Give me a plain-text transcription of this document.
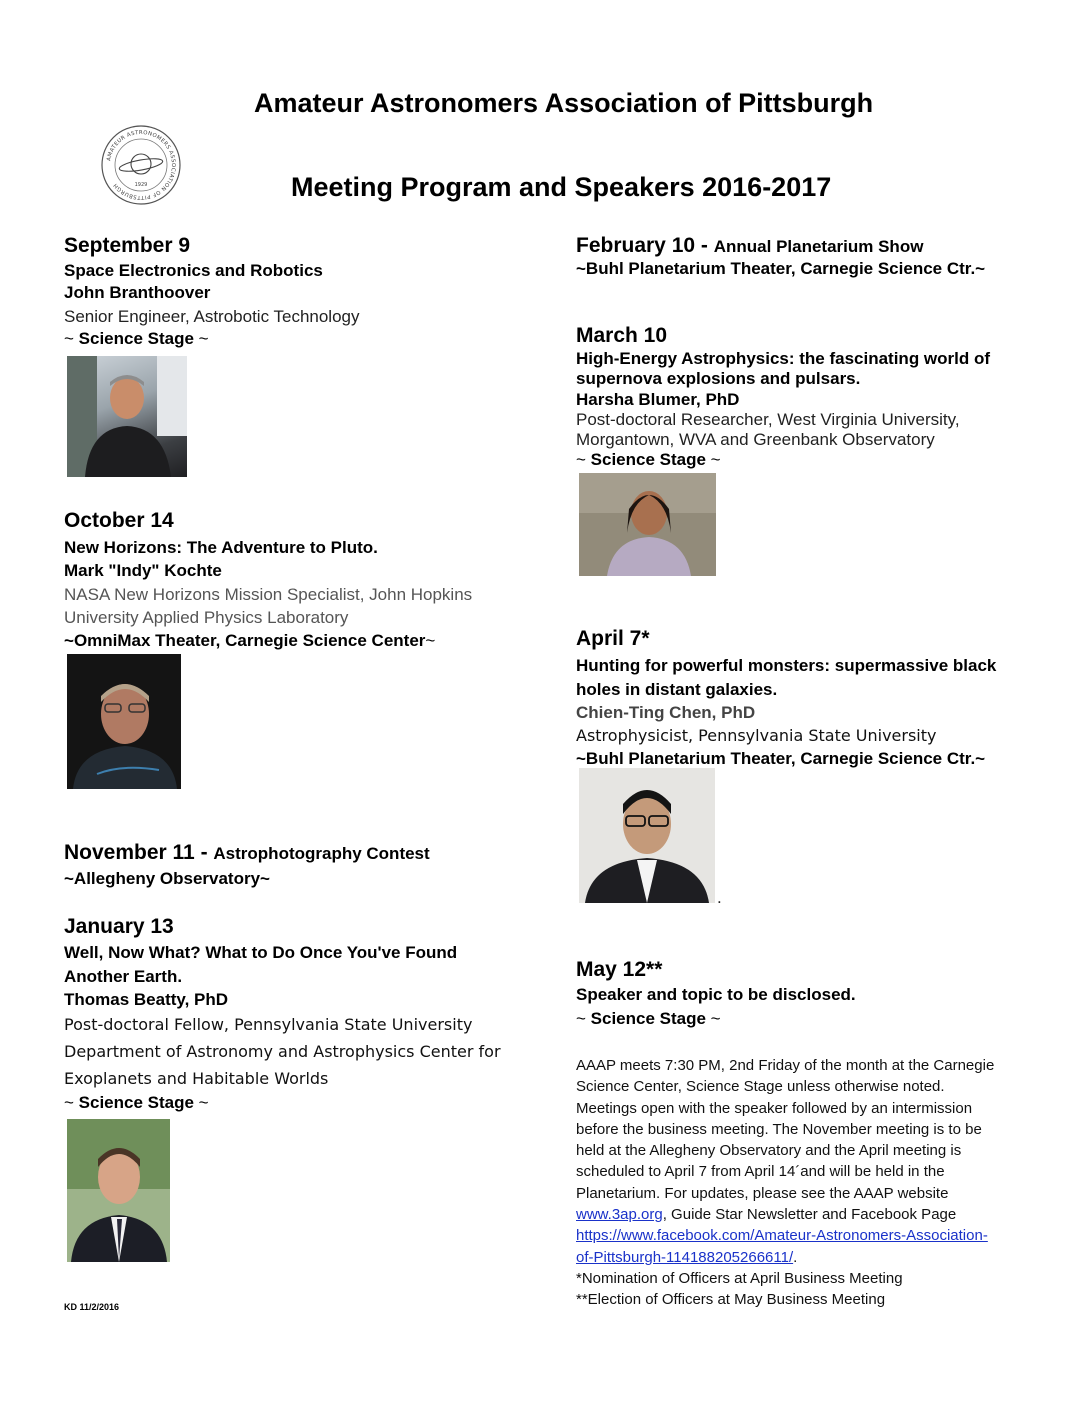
Amateur Astronomers Association of Pittsburgh
Meeting Program and Speakers 2016-2017
AMATEUR ASTRONOMERS ASSOCIATION OF PITTSBURGH	1929
September 9
Space Electronics and Robotics
John Branthoover
Senior Engineer, Astrobotic Technology
~ Science Stage ~
October 14
New Horizons: The Adventure to Pluto.
Mark "Indy" Kochte
NASA New Horizons Mission Specialist, John Hopkins
University Applied Physics Laboratory
~OmniMax Theater, Carnegie Science Center~
November 11 - Astrophotography Contest
~Allegheny Observatory~
January 13
Well, Now What? What to Do Once You've Found
Another Earth.
Thomas Beatty, PhD
Post-doctoral Fellow, Pennsylvania State University
Department of Astronomy and Astrophysics Center for
Exoplanets and Habitable Worlds
~ Science Stage ~
KD 11/2/2016
February 10 - Annual Planetarium Show
~Buhl Planetarium Theater, Carnegie Science Ctr.~
March 10
High-Energy Astrophysics: the fascinating world of
supernova explosions and pulsars.
Harsha Blumer, PhD
Post-doctoral Researcher, West Virginia University,
Morgantown, WVA and Greenbank Observatory
~ Science Stage ~
April 7*
Hunting for powerful monsters: supermassive black
holes in distant galaxies.
Chien-Ting Chen, PhD
Astrophysicist, Pennsylvania State University
~Buhl Planetarium Theater, Carnegie Science Ctr.~
.
May 12**
Speaker and topic to be disclosed.
~ Science Stage ~
AAAP meets 7:30 PM, 2nd Friday of the month at the Carnegie
Science Center, Science Stage unless otherwise noted.
Meetings open with the speaker followed by an intermission
before the business meeting. The November meeting is to be
held at the Allegheny Observatory and the April meeting is
scheduled to April 7 from April 14´and will be held in the
Planetarium. For updates, please see the AAAP website
www.3ap.org, Guide Star Newsletter and Facebook Page
https://www.facebook.com/Amateur-Astronomers-Association-
of-Pittsburgh-114188205266611/.
*Nomination of Officers at April Business Meeting
**Election of Officers at May Business Meeting
